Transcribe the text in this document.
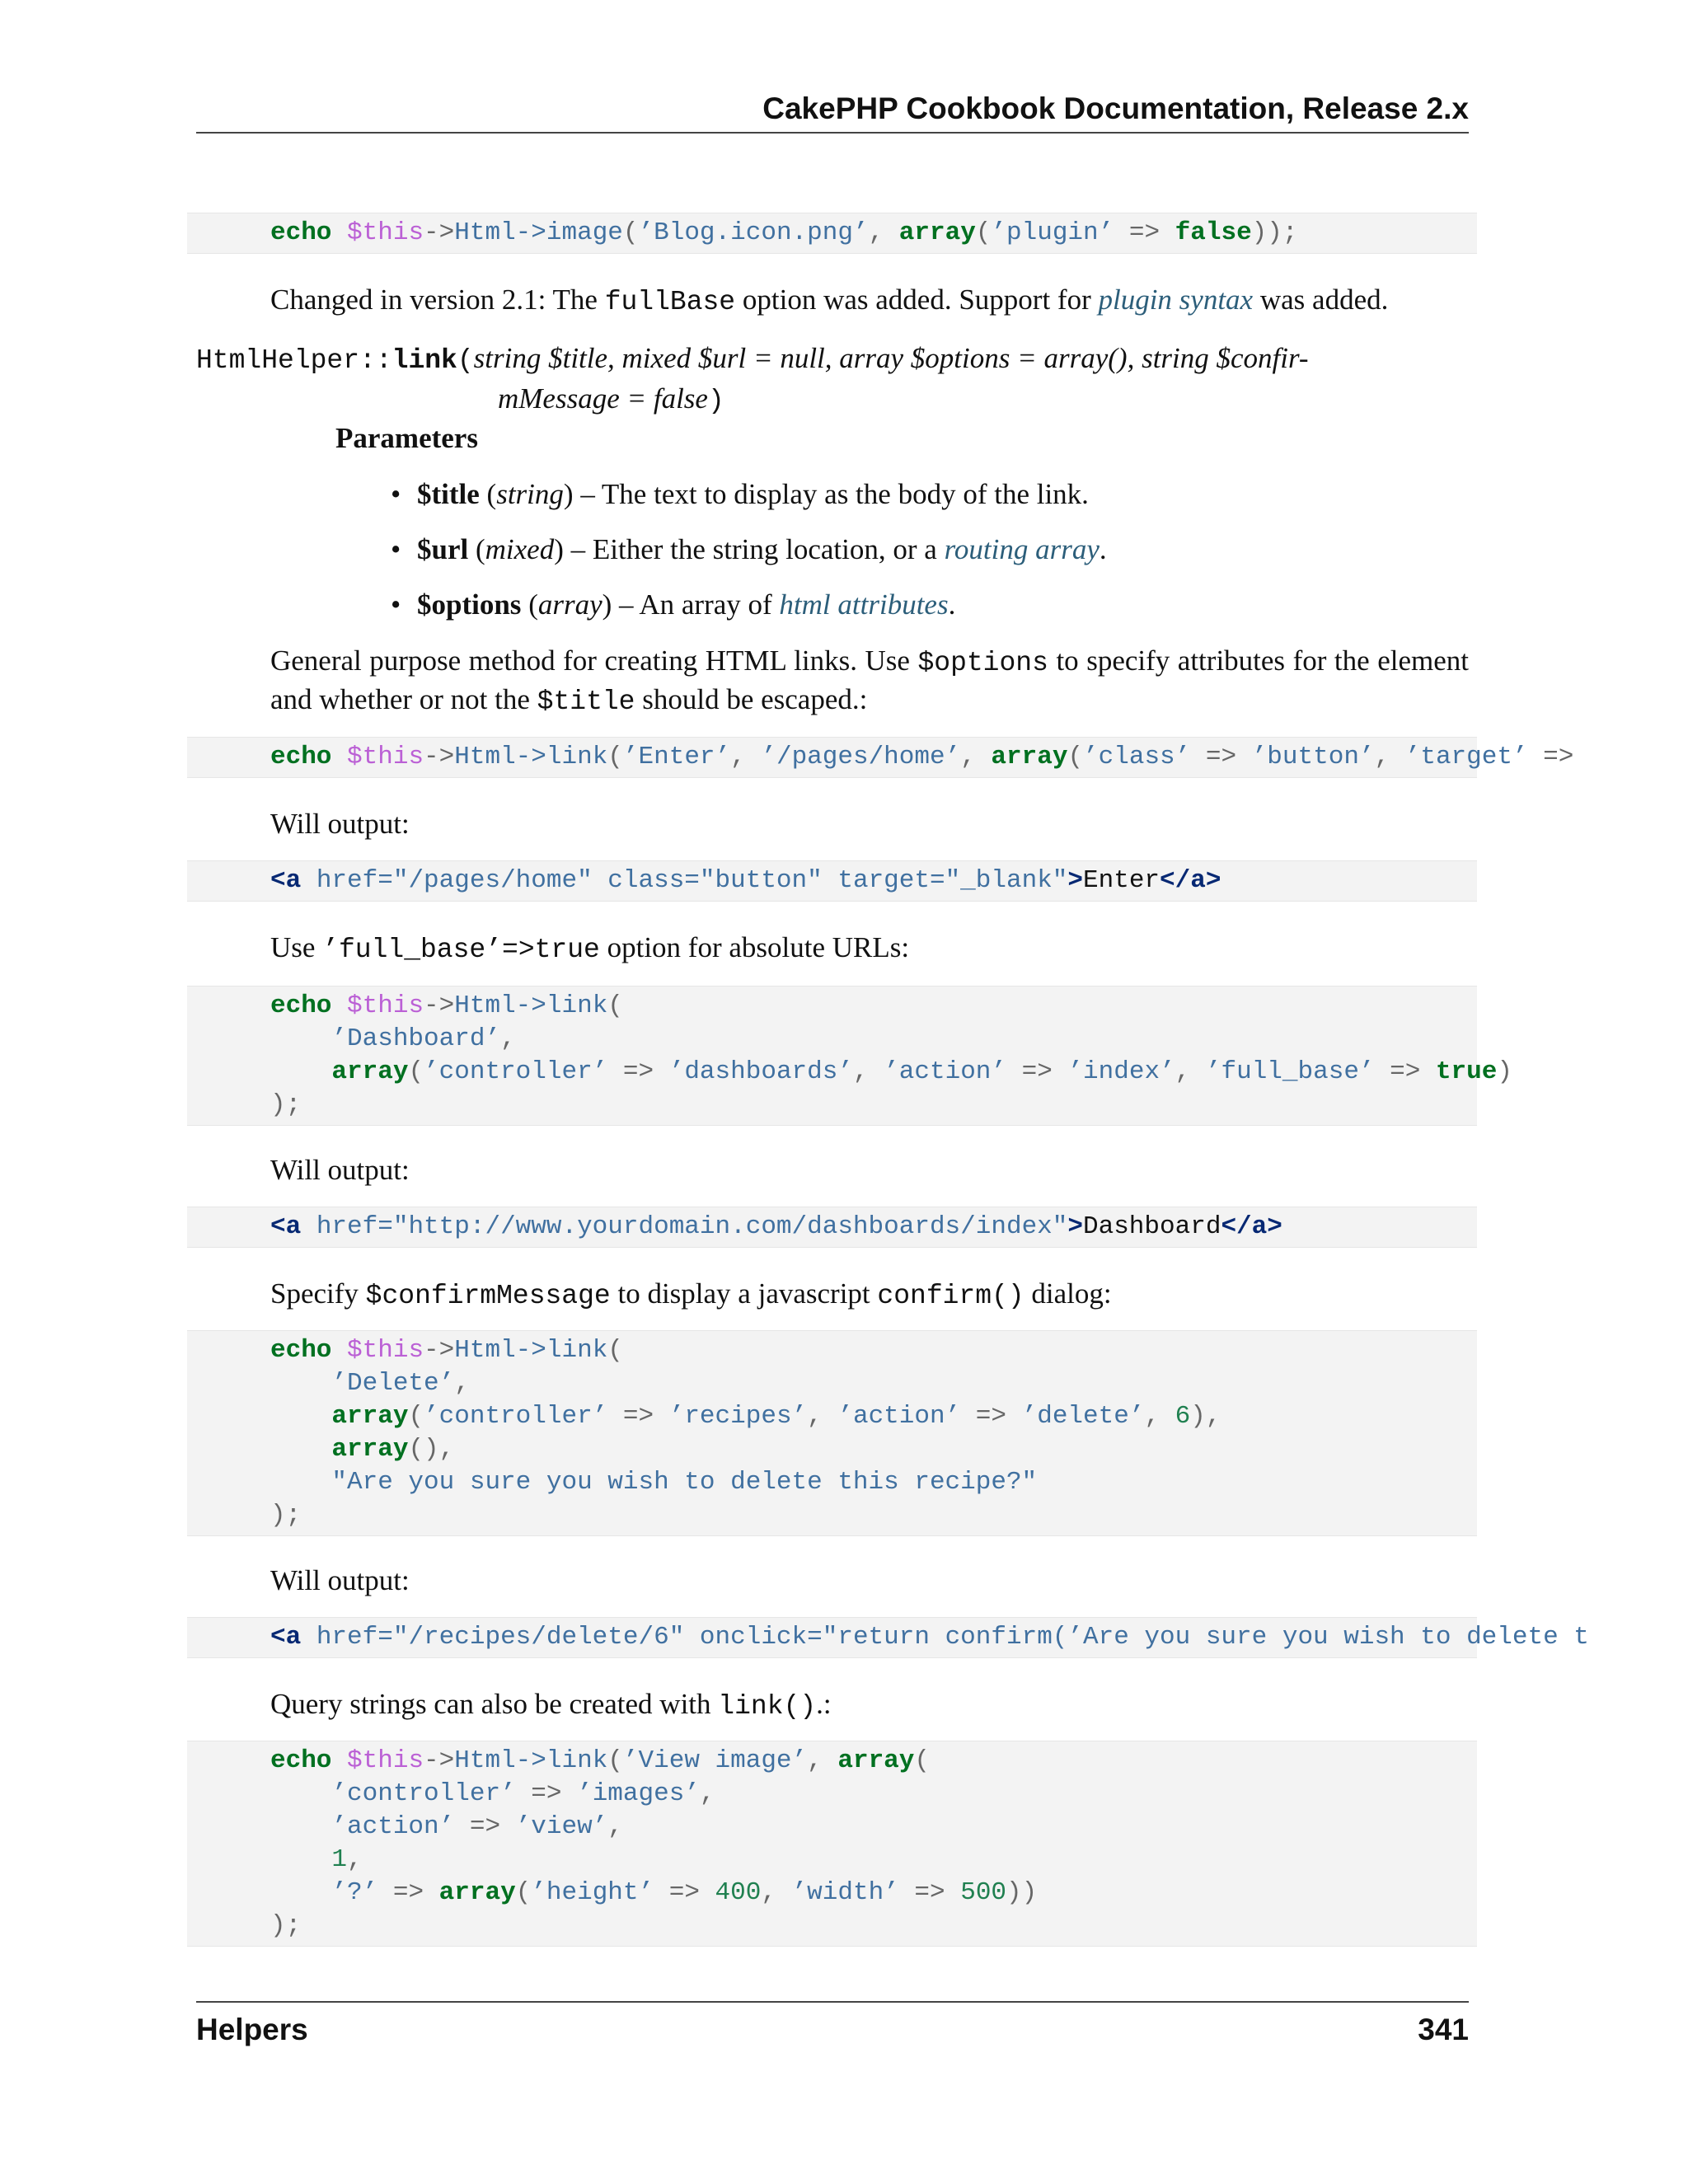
CakePHP Cookbook Documentation, Release 2.x
echo $this->Html->image(’Blog.icon.png’, array(’plugin’ => false));
Changed in version 2.1: The fullBase option was added. Support for plugin syntax was added.
HtmlHelper::link(string $title, mixed $url = null, array $options = array(), string $confir-
mMessage = false)
Parameters
• $title (string) – The text to display as the body of the link.
• $url (mixed) – Either the string location, or a routing array.
• $options (array) – An array of html attributes.
General purpose method for creating HTML links. Use $options to specify attributes for the element and whether or not the $title should be escaped.:
echo $this->Html->link(’Enter’, ’/pages/home’, array(’class’ => ’button’, ’target’ =>
Will output:
<a href="/pages/home" class="button" target="_blank">Enter</a>
Use ’full_base’=>true option for absolute URLs:
echo $this->Html->link(
’Dashboard’,
array(’controller’ => ’dashboards’, ’action’ => ’index’, ’full_base’ => true)
);
Will output:
<a href="http://www.yourdomain.com/dashboards/index">Dashboard</a>
Specify $confirmMessage to display a javascript confirm() dialog:
echo $this->Html->link(
’Delete’,
array(’controller’ => ’recipes’, ’action’ => ’delete’, 6),
array(),
"Are you sure you wish to delete this recipe?"
);
Will output:
<a href="/recipes/delete/6" onclick="return confirm(’Are you sure you wish to delete t
Query strings can also be created with link().:
echo $this->Html->link(’View image’, array(
’controller’ => ’images’,
’action’ => ’view’,
1,
’?’ => array(’height’ => 400, ’width’ => 500))
);
Helpers	341
